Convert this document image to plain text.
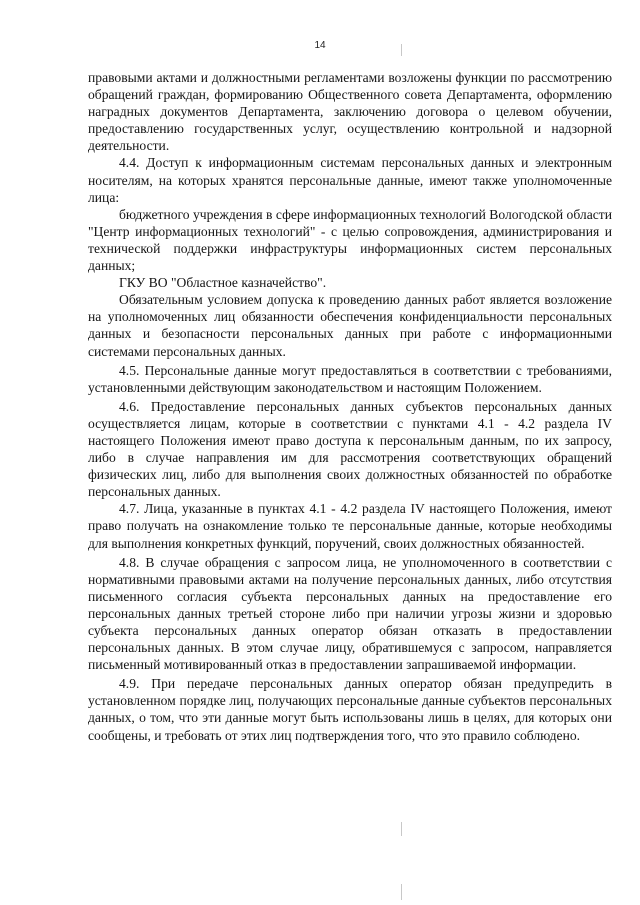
14

правовыми актами и должностными регламентами возложены функции по рассмотрению обращений граждан, формированию Общественного совета Департамента, оформлению наградных документов Департамента, заключению договора о целевом обучении, предоставлению государственных услуг, осуществлению контрольной и надзорной деятельности.

4.4. Доступ к информационным системам персональных данных и электронным носителям, на которых хранятся персональные данные, имеют также уполномоченные лица:

бюджетного учреждения в сфере информационных технологий Вологодской области "Центр информационных технологий" - с целью сопровождения, администрирования и технической поддержки инфраструктуры информационных систем персональных данных;

ГКУ ВО "Областное казначейство".

Обязательным условием допуска к проведению данных работ является возложение на уполномоченных лиц обязанности обеспечения конфиденциальности персональных данных и безопасности персональных данных при работе с информационными системами персональных данных.

4.5. Персональные данные могут предоставляться в соответствии с требованиями, установленными действующим законодательством и настоящим Положением.

4.6. Предоставление персональных данных субъектов персональных данных осуществляется лицам, которые в соответствии с пунктами 4.1 - 4.2 раздела IV настоящего Положения имеют право доступа к персональным данным, по их запросу, либо в случае направления им для рассмотрения соответствующих обращений физических лиц, либо для выполнения своих должностных обязанностей по обработке персональных данных.

4.7. Лица, указанные в пунктах 4.1 - 4.2 раздела IV настоящего Положения, имеют право получать на ознакомление только те персональные данные, которые необходимы для выполнения конкретных функций, поручений, своих должностных обязанностей.

4.8. В случае обращения с запросом лица, не уполномоченного в соответствии с нормативными правовыми актами на получение персональных данных, либо отсутствия письменного согласия субъекта персональных данных на предоставление его персональных данных третьей стороне либо при наличии угрозы жизни и здоровью субъекта персональных данных оператор обязан отказать в предоставлении персональных данных. В этом случае лицу, обратившемуся с запросом, направляется письменный мотивированный отказ в предоставлении запрашиваемой информации.

4.9. При передаче персональных данных оператор обязан предупредить в установленном порядке лиц, получающих персональные данные субъектов персональных данных, о том, что эти данные могут быть использованы лишь в целях, для которых они сообщены, и требовать от этих лиц подтверждения того, что это правило соблюдено.
